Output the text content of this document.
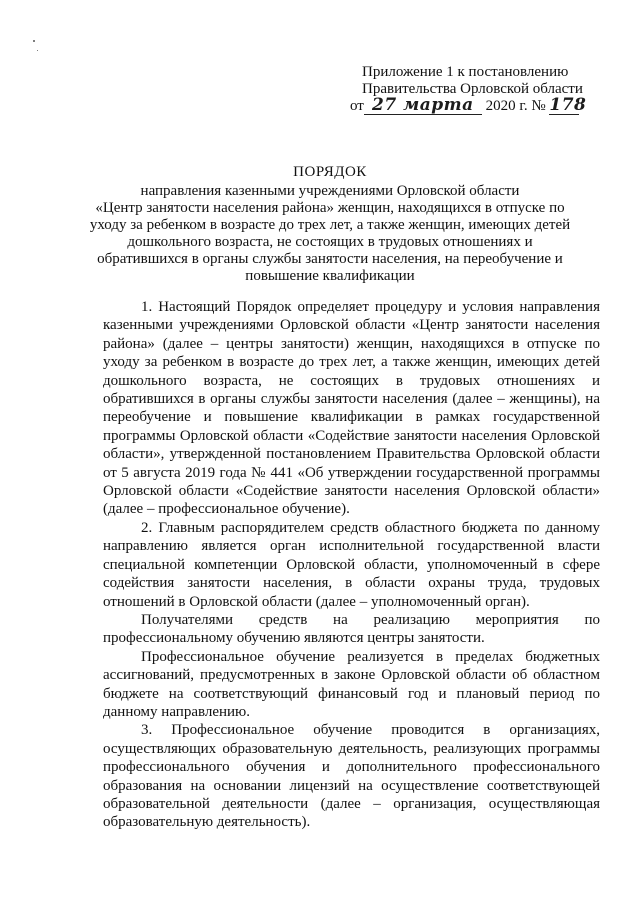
Приложение 1 к постановлению
Правительства Орловской области
от 27 марта 2020 г. № 178
ПОРЯДОК
направления казенными учреждениями Орловской области
«Центр занятости населения района» женщин, находящихся в отпуске по
уходу за ребенком в возрасте до трех лет, а также женщин, имеющих детей
дошкольного возраста, не состоящих в трудовых отношениях и
обратившихся в органы службы занятости населения, на переобучение и
повышение квалификации

1. Настоящий Порядок определяет процедуру и условия направления казенными учреждениями Орловской области «Центр занятости населения района» (далее – центры занятости) женщин, находящихся в отпуске по уходу за ребенком в возрасте до трех лет, а также женщин, имеющих детей дошкольного возраста, не состоящих в трудовых отношениях и обратившихся в органы службы занятости населения (далее – женщины), на переобучение и повышение квалификации в рамках государственной программы Орловской области «Содействие занятости населения Орловской области», утвержденной постановлением Правительства Орловской области от 5 августа 2019 года № 441 «Об утверждении государственной программы Орловской области «Содействие занятости населения Орловской области» (далее – профессиональное обучение).

2. Главным распорядителем средств областного бюджета по данному направлению является орган исполнительной государственной власти специальной компетенции Орловской области, уполномоченный в сфере содействия занятости населения, в области охраны труда, трудовых отношений в Орловской области (далее – уполномоченный орган).

Получателями средств на реализацию мероприятия по профессиональному обучению являются центры занятости.

Профессиональное обучение реализуется в пределах бюджетных ассигнований, предусмотренных в законе Орловской области об областном бюджете на соответствующий финансовый год и плановый период по данному направлению.

3. Профессиональное обучение проводится в организациях, осуществляющих образовательную деятельность, реализующих программы профессионального обучения и дополнительного профессионального образования на основании лицензий на осуществление соответствующей образовательной деятельности (далее – организация, осуществляющая образовательную деятельность).
